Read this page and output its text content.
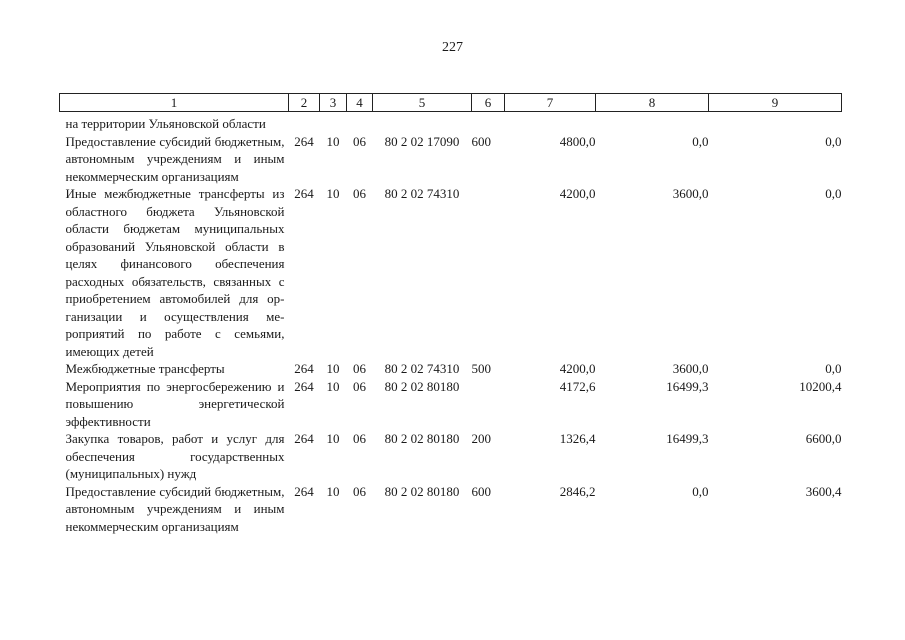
227
1	2	3	4	5	6	7	8	9
на территории Ульяновской области								
Предоставление субсидий бюджетным, автономным учреждениям и иным некоммерческим организациям	264	10	06	80 2 02 17090	600	4800,0	0,0	0,0
Иные межбюджетные трансферты из областного бюджета Ульяновской области бюджетам муниципальных образований Ульяновской области в целях финансового обеспечения расходных обязательств, связанных с приобретением автомобилей для организации и осуществления мероприятий по работе с семьями, имеющих детей	264	10	06	80 2 02 74310		4200,0	3600,0	0,0
Межбюджетные трансферты	264	10	06	80 2 02 74310	500	4200,0	3600,0	0,0
Мероприятия по энергосбережению и повышению энергетической эффективности	264	10	06	80 2 02 80180		4172,6	16499,3	10200,4
Закупка товаров, работ и услуг для обеспечения государственных (муниципальных) нужд	264	10	06	80 2 02 80180	200	1326,4	16499,3	6600,0
Предоставление субсидий бюджетным, автономным учреждениям и иным некоммерческим организациям	264	10	06	80 2 02 80180	600	2846,2	0,0	3600,4
